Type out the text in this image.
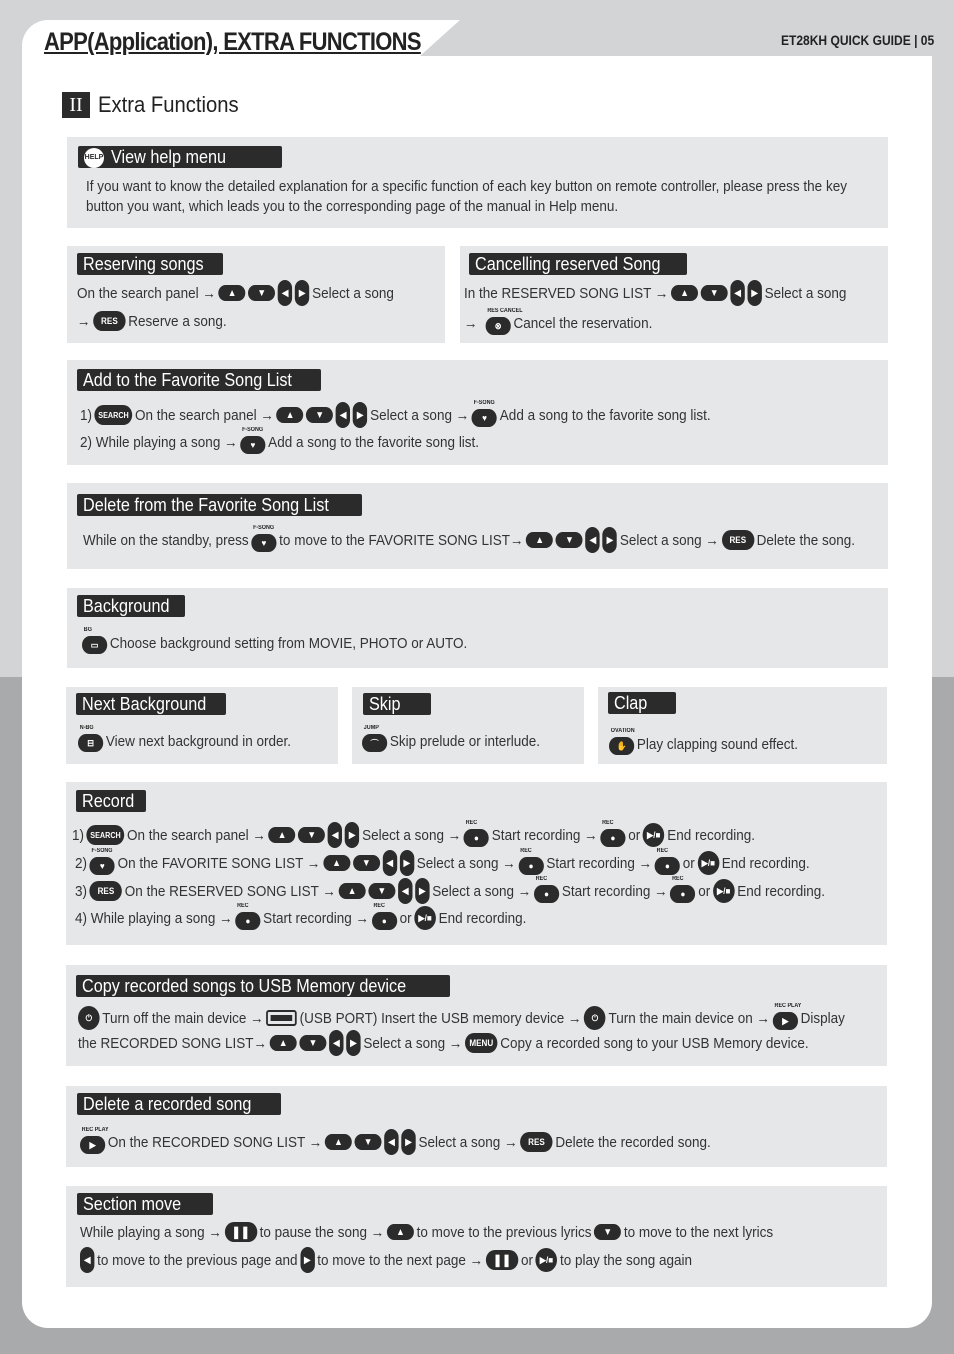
APP(Application), EXTRA FUNCTIONS	ET28KH QUICK GUIDE | 05
II Extra Functions
HELP View help menu
If you want to know the detailed explanation for a specific function of each key button on remote controller, please press the key
button you want, which leads you to the corresponding page of the manual in Help menu.
Reserving songs
On the search panel →	▲	▼	◀	▶ Select a song
→	RES Reserve a song.
Cancelling reserved Song
In the RESERVED SONG LIST →	▲	▼	◀	▶ Select a song
→	⊗
RES CANCEL
Cancel the reservation.
Add to the Favorite Song List
1) SEARCH On the search panel →	▲	▼	◀	▶ Select a song →	♥
F-SONG
Add a song to the favorite song list.
2) While playing a song →	♥
F-SONG
Add a song to the favorite song list.
Delete from the Favorite Song List
While on the standby, press	♥
F-SONG
to move to the FAVORITE SONG LIST→	▲	▼	◀	▶ Select a song →	RES Delete the song.
Background
▭
BG
Choose background setting from MOVIE, PHOTO or AUTO.
Next Background
⊟
N-BG
View next background in order.
Skip
⌒
JUMP
Skip prelude or interlude.
Clap
✋
OVATION
Play clapping sound effect.
Record
1) SEARCH On the search panel →	▲	▼	◀	▶ Select a song →	●
REC
Start recording →	●
REC
or ▶/■ End recording.
2)	♥
F-SONG
On the FAVORITE SONG LIST →	▲	▼	◀	▶ Select a song →	●
REC
Start recording →	●
REC
or ▶/■ End recording.
3)	RES On the RESERVED SONG LIST →	▲	▼	◀	▶ Select a song →	●
REC
Start recording →	●
REC
or ▶/■ End recording.
4) While playing a song →	●
REC
Start recording →	●
REC
or ▶/■ End recording.
Copy recorded songs to USB Memory device
⏻ Turn off the main device → (USB PORT) Insert the USB memory device →	⏻ Turn the main device on →	▶
REC PLAY
Display
the RECORDED SONG LIST→	▲	▼	◀	▶ Select a song → MENU Copy a recorded song to your USB Memory device.
Delete a recorded song
▶
REC PLAY
On the RECORDED SONG LIST →	▲	▼	◀	▶ Select a song →	RES Delete the recorded song.
Section move
While playing a song → ❚❚ to pause the song →	▲ to move to the previous lyrics	▼ to move to the next lyrics
◀ to move to the previous page and ▶ to move to the next page → ❚❚ or ▶/■ to play the song again
